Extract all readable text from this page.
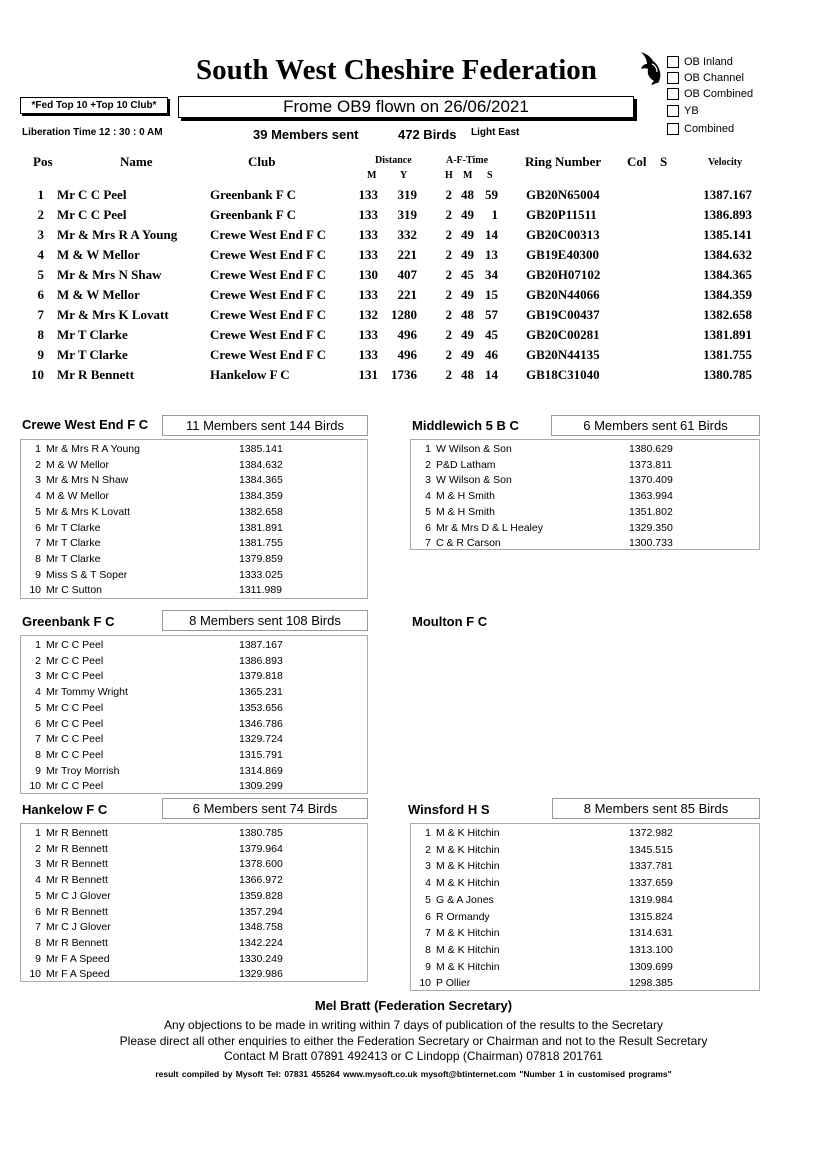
South West Cheshire Federation	OB Inland
OB Channel
OB Combined
YB
Combined
*Fed Top 10 +Top 10 Club*	Frome OB9 flown on 26/06/2021
Liberation Time 12 : 30 : 0 AM	39 Members sent	472 Birds Light East
Pos	Name	Club	Distance
M Y
A-F-Time
H M S
Ring Number Col S	Velocity
1 Mr C C Peel	Greenbank F C	133	319	2 48 59 GB20N65004	1387.167
2 Mr C C Peel	Greenbank F C	133	319	2 49	1 GB20P11511	1386.893
3 Mr & Mrs R A Young	Crewe West End F C	133	332	2 49 14 GB20C00313	1385.141
4 M & W Mellor	Crewe West End F C	133	221	2 49 13 GB19E40300	1384.632
5 Mr & Mrs N Shaw	Crewe West End F C	130	407	2 45 34 GB20H07102	1384.365
6 M & W Mellor	Crewe West End F C	133	221	2 49 15 GB20N44066	1384.359
7 Mr & Mrs K Lovatt	Crewe West End F C	132	1280	2 48 57 GB19C00437	1382.658
8 Mr T Clarke	Crewe West End F C	133	496	2 49 45 GB20C00281	1381.891
9 Mr T Clarke	Crewe West End F C	133	496	2 49 46 GB20N44135	1381.755
10 Mr R Bennett	Hankelow F C	131	1736	2 48 14 GB18C31040	1380.785
Crewe West End F C	11 Members sent 144 Birds
1 Mr & Mrs R A Young	1385.141
2 M & W Mellor	1384.632
3 Mr & Mrs N Shaw	1384.365
4 M & W Mellor	1384.359
5 Mr & Mrs K Lovatt	1382.658
6 Mr T Clarke	1381.891
7 Mr T Clarke	1381.755
8 Mr T Clarke	1379.859
9 Miss S & T Soper	1333.025
10 Mr C Sutton	1311.989
Middlewich 5 B C	6 Members sent 61 Birds
1 W Wilson & Son	1380.629
2 P&D Latham	1373.811
3 W Wilson & Son	1370.409
4 M & H Smith	1363.994
5 M & H Smith	1351.802
6 Mr & Mrs D & L Healey	1329.350
7 C & R Carson	1300.733
Greenbank F C	8 Members sent 108 Birds
1 Mr C C Peel	1387.167
2 Mr C C Peel	1386.893
3 Mr C C Peel	1379.818
4 Mr Tommy Wright	1365.231
5 Mr C C Peel	1353.656
6 Mr C C Peel	1346.786
7 Mr C C Peel	1329.724
8 Mr C C Peel	1315.791
9 Mr Troy Morrish	1314.869
10 Mr C C Peel	1309.299
Moulton F C
Hankelow F C	6 Members sent 74 Birds
1 Mr R Bennett	1380.785
2 Mr R Bennett	1379.964
3 Mr R Bennett	1378.600
4 Mr R Bennett	1366.972
5 Mr C J Glover	1359.828
6 Mr R Bennett	1357.294
7 Mr C J Glover	1348.758
8 Mr R Bennett	1342.224
9 Mr F A Speed	1330.249
10 Mr F A Speed	1329.986
Winsford H S	8 Members sent 85 Birds
1 M & K Hitchin	1372.982
2 M & K Hitchin	1345.515
3 M & K Hitchin	1337.781
4 M & K Hitchin	1337.659
5 G & A Jones	1319.984
6 R Ormandy	1315.824
7 M & K Hitchin	1314.631
8 M & K Hitchin	1313.100
9 M & K Hitchin	1309.699
10 P Ollier	1298.385
Mel Bratt (Federation Secretary)
Any objections to be made in writing within 7 days of publication of the results to the Secretary
Please direct all other enquiries to either the Federation Secretary or Chairman and not to the Result Secretary
Contact M Bratt 07891 492413 or C Lindopp (Chairman) 07818 201761
result compiled by Mysoft Tel: 07831 455264 www.mysoft.co.uk mysoft@btinternet.com "Number 1 in customised programs"
